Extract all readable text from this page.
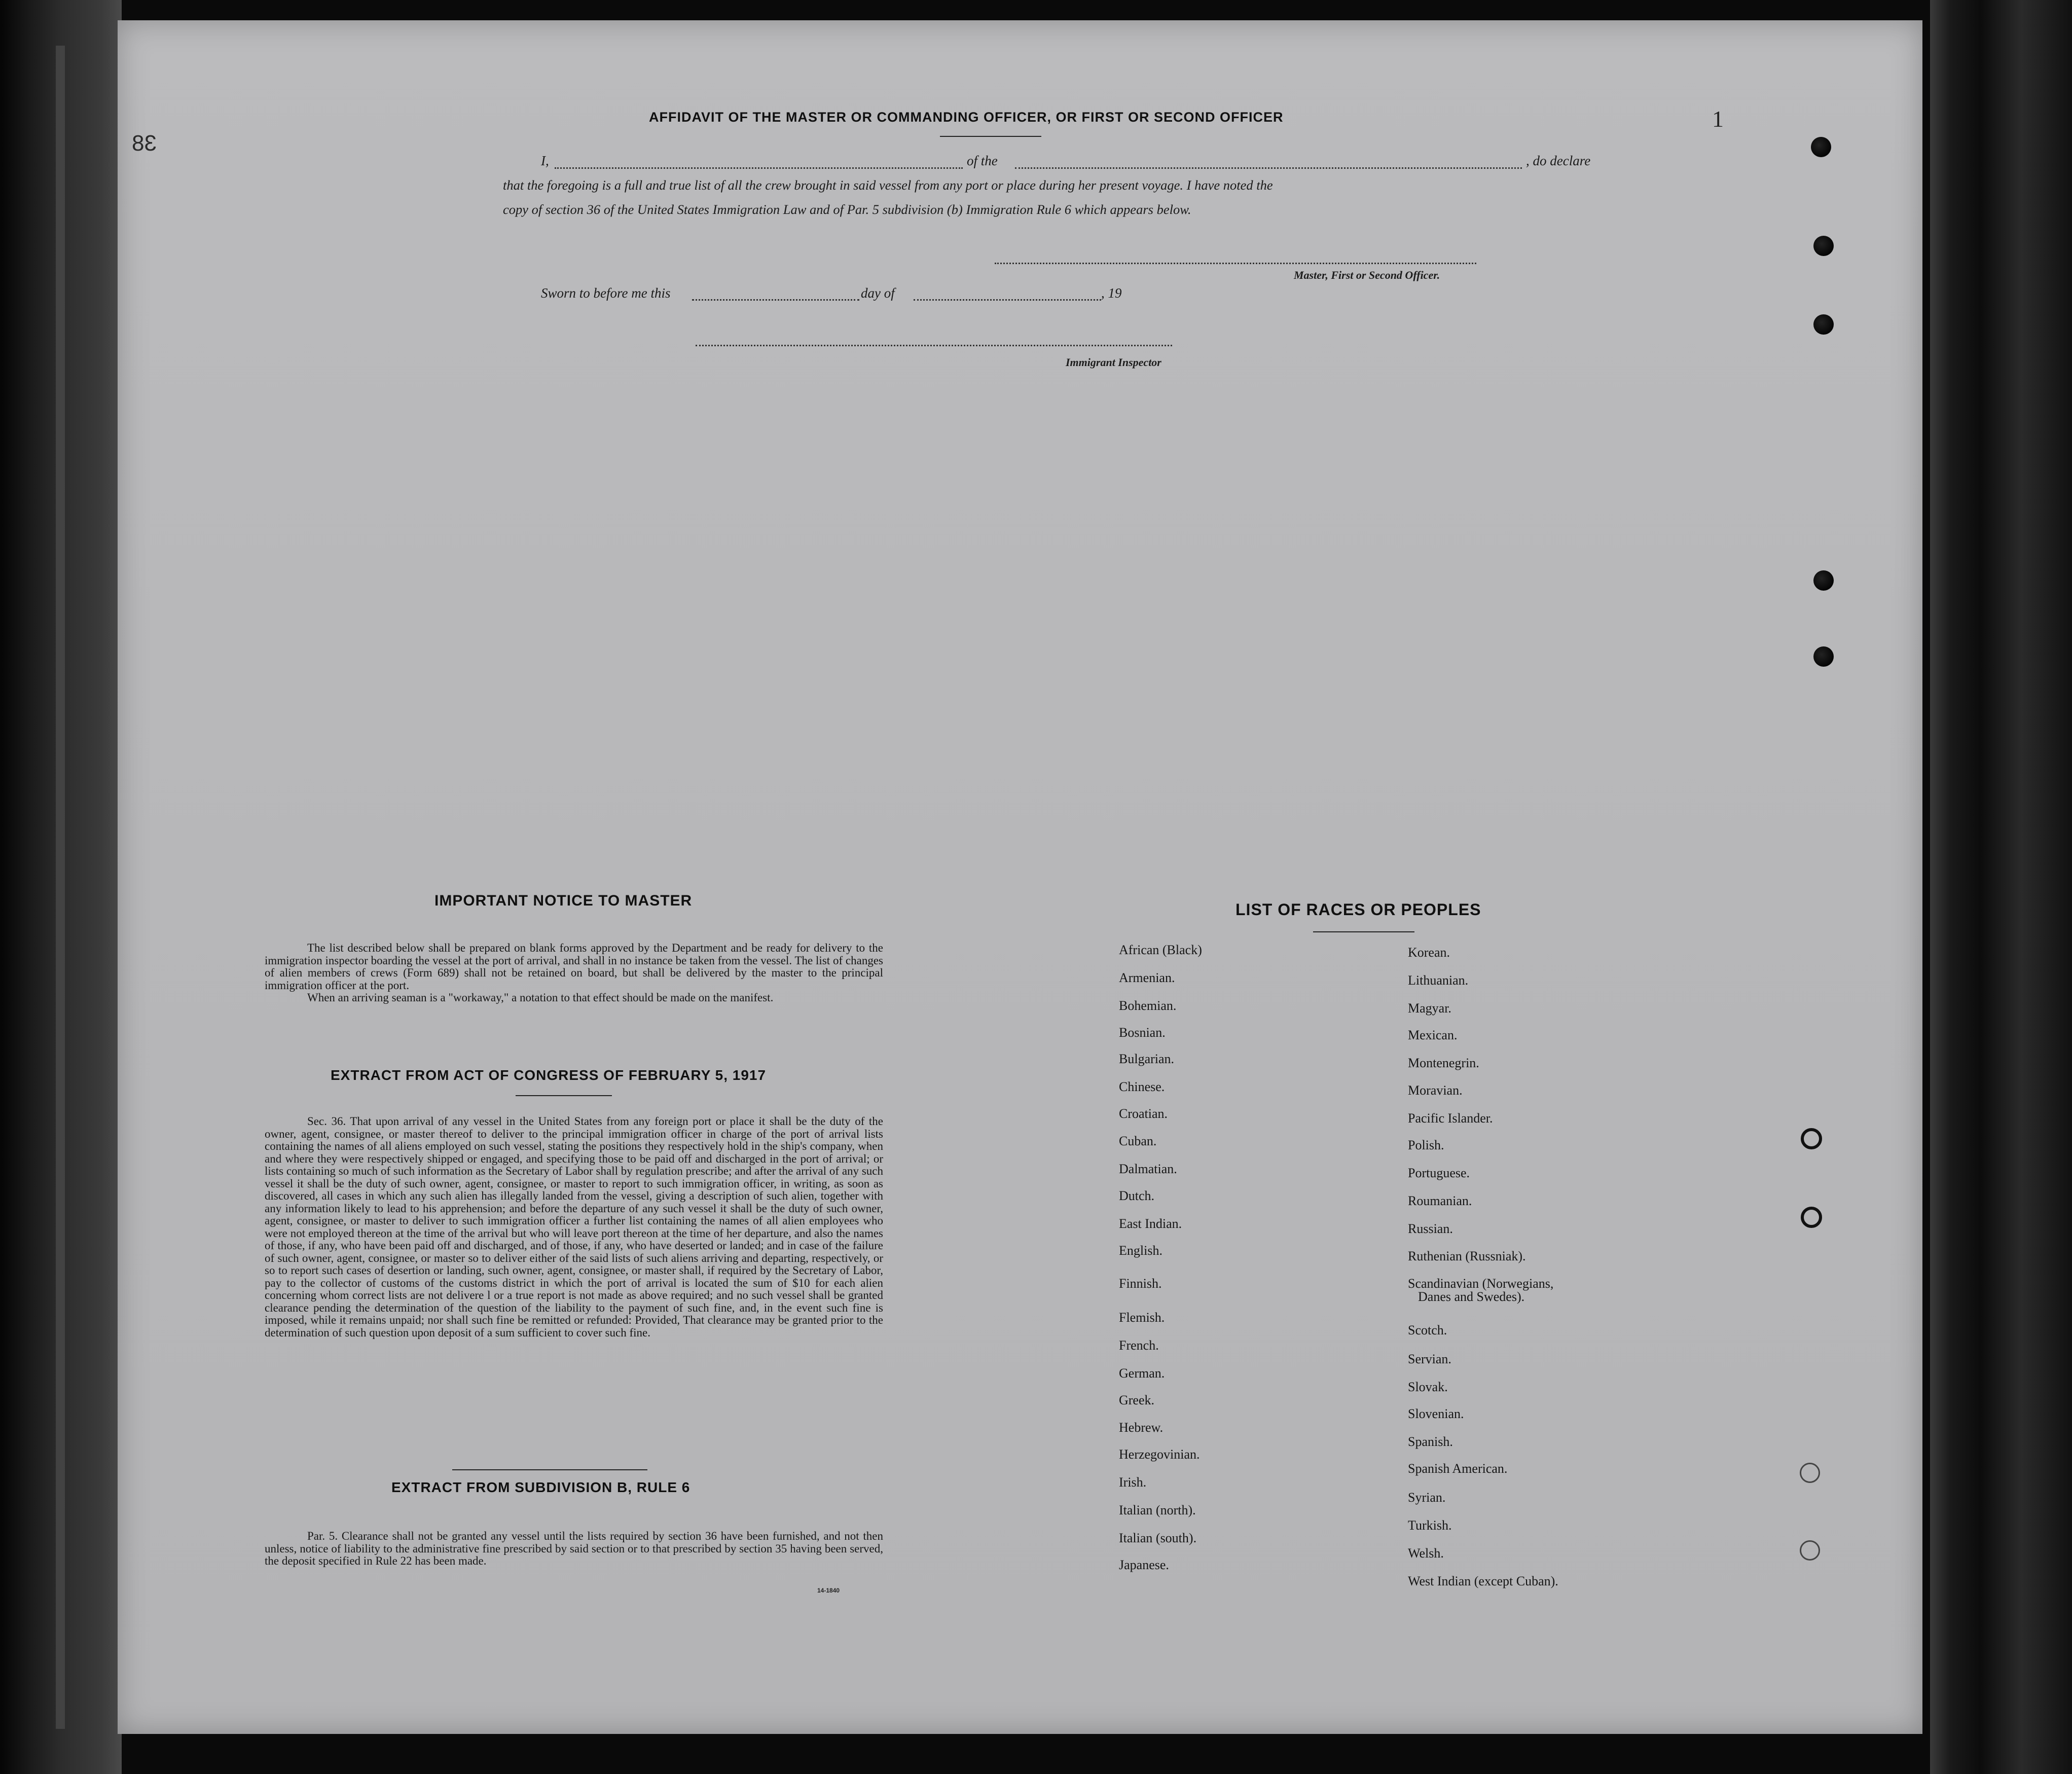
38
1
AFFIDAVIT OF THE MASTER OR COMMANDING OFFICER, OR FIRST OR SECOND OFFICER
I,	of the	, do declare
that the foregoing is a full and true list of all the crew brought in said vessel from any port or place during her present voyage. I have noted the
copy of section 36 of the United States Immigration Law and of Par. 5 subdivision (b) Immigration Rule 6 which appears below.
Master, First or Second Officer.
Sworn to before me this	day of	, 19
Immigrant Inspector
IMPORTANT NOTICE TO MASTER

The list described below shall be prepared on blank forms approved by the Department and be ready for delivery to the immigration inspector boarding the vessel at the port of arrival, and shall in no instance be taken from the vessel. The list of changes of alien members of crews (Form 689) shall not be retained on board, but shall be delivered by the master to the principal immigration officer at the port.

When an arriving seaman is a "workaway," a notation to that effect should be made on the manifest.

EXTRACT FROM ACT OF CONGRESS OF FEBRUARY 5, 1917

Sec. 36. That upon arrival of any vessel in the United States from any foreign port or place it shall be the duty of the owner, agent, consignee, or master thereof to deliver to the principal immigration officer in charge of the port of arrival lists containing the names of all aliens employed on such vessel, stating the positions they respectively hold in the ship's company, when and where they were respectively shipped or engaged, and specifying those to be paid off and discharged in the port of arrival; or lists containing so much of such information as the Secretary of Labor shall by regulation prescribe; and after the arrival of any such vessel it shall be the duty of such owner, agent, consignee, or master to report to such immigration officer, in writing, as soon as discovered, all cases in which any such alien has illegally landed from the vessel, giving a description of such alien, together with any information likely to lead to his apprehension; and before the departure of any such vessel it shall be the duty of such owner, agent, consignee, or master to deliver to such immigration officer a further list containing the names of all alien employees who were not employed thereon at the time of the arrival but who will leave port thereon at the time of her departure, and also the names of those, if any, who have been paid off and discharged, and of those, if any, who have deserted or landed; and in case of the failure of such owner, agent, consignee, or master so to deliver either of the said lists of such aliens arriving and departing, respectively, or so to report such cases of desertion or landing, such owner, agent, consignee, or master shall, if required by the Secretary of Labor, pay to the collector of customs of the customs district in which the port of arrival is located the sum of $10 for each alien concerning whom correct lists are not delivere l or a true report is not made as above required; and no such vessel shall be granted clearance pending the determination of the question of the liability to the payment of such fine, and, in the event such fine is imposed, while it remains unpaid; nor shall such fine be remitted or refunded: Provided, That clearance may be granted prior to the determination of such question upon deposit of a sum sufficient to cover such fine.

EXTRACT FROM SUBDIVISION B, RULE 6

Par. 5. Clearance shall not be granted any vessel until the lists required by section 36 have been furnished, and not then unless, notice of liability to the administrative fine prescribed by said section or to that prescribed by section 35 having been served, the deposit specified in Rule 22 has been made.

14-1840
LIST OF RACES OR PEOPLES
African (Black)
Armenian.
Bohemian.
Bosnian.
Bulgarian.
Chinese.
Croatian.
Cuban.
Dalmatian.
Dutch.
East Indian.
English.
Finnish.
Flemish.
French.
German.
Greek.
Hebrew.
Herzegovinian.
Irish.
Italian (north).
Italian (south).
Japanese.
Korean.
Lithuanian.
Magyar.
Mexican.
Montenegrin.
Moravian.
Pacific Islander.
Polish.
Portuguese.
Roumanian.
Russian.
Ruthenian (Russniak).
Scandinavian (Norwegians,
Danes and Swedes).
Scotch.
Servian.
Slovak.
Slovenian.
Spanish.
Spanish American.
Syrian.
Turkish.
Welsh.
West Indian (except Cuban).
